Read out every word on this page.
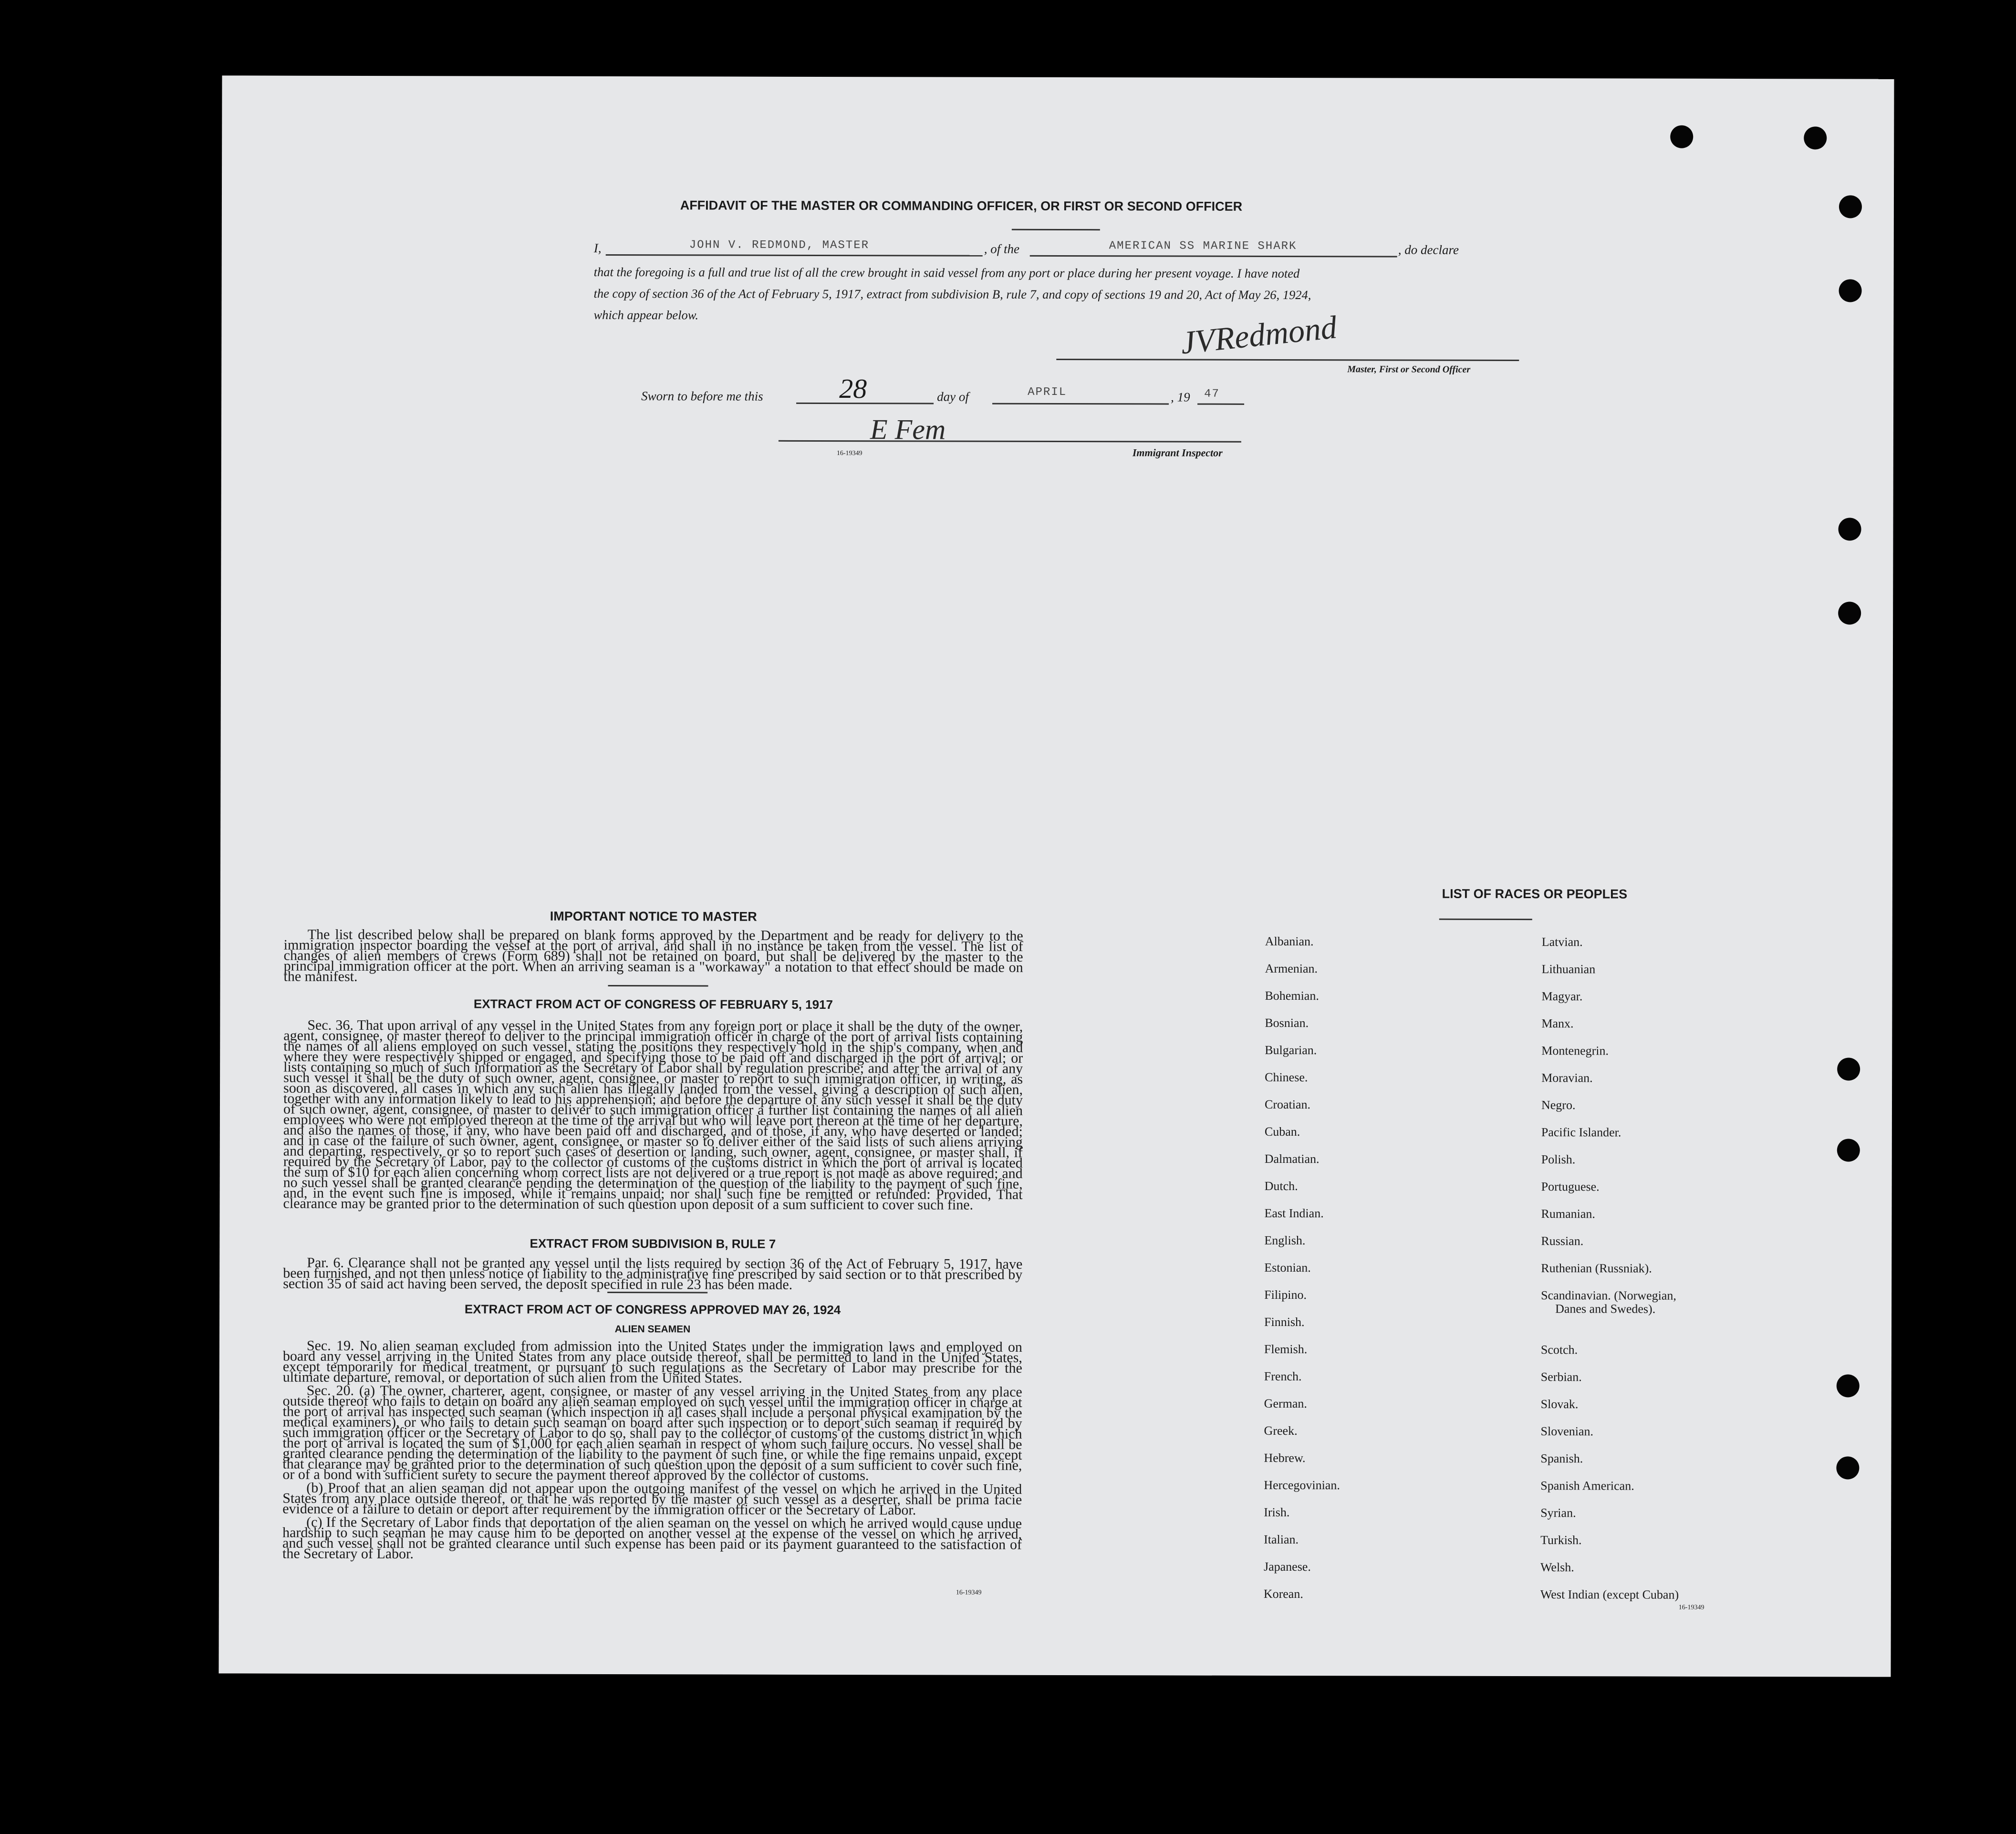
AFFIDAVIT OF THE MASTER OR COMMANDING OFFICER, OR FIRST OR SECOND OFFICER
I,	JOHN V. REDMOND, MASTER	, of the	AMERICAN SS MARINE SHARK	, do declare
that the foregoing is a full and true list of all the crew brought in said vessel from any port or place during her present voyage. I have noted
the copy of section 36 of the Act of February 5, 1917, extract from subdivision B, rule 7, and copy of sections 19 and 20, Act of May 26, 1924,
which appear below.	JVRedmond
Master, First or Second Officer
Sworn to before me this	28	day of	APRIL	, 19 47
E Fem
16-19349	Immigrant Inspector
IMPORTANT NOTICE TO MASTER

The list described below shall be prepared on blank forms approved by the Department and be ready for delivery to the immigration inspector boarding the vessel at the port of arrival, and shall in no instance be taken from the vessel. The list of changes of alien members of crews (Form 689) shall not be retained on board, but shall be delivered by the master to the principal immigration officer at the port. When an arriving seaman is a "workaway" a notation to that effect should be made on the manifest.

EXTRACT FROM ACT OF CONGRESS OF FEBRUARY 5, 1917

Sec. 36. That upon arrival of any vessel in the United States from any foreign port or place it shall be the duty of the owner, agent, consignee, or master thereof to deliver to the principal immigration officer in charge of the port of arrival lists containing the names of all aliens employed on such vessel, stating the positions they respectively hold in the ship's company, when and where they were respectively shipped or engaged, and specifying those to be paid off and discharged in the port of arrival; or lists containing so much of such information as the Secretary of Labor shall by regulation prescribe; and after the arrival of any such vessel it shall be the duty of such owner, agent, consignee, or master to report to such immigration officer, in writing, as soon as discovered, all cases in which any such alien has illegally landed from the vessel, giving a description of such alien, together with any information likely to lead to his apprehension; and before the departure of any such vessel it shall be the duty of such owner, agent, consignee, or master to deliver to such immigration officer a further list containing the names of all alien employees who were not employed thereon at the time of the arrival but who will leave port thereon at the time of her departure, and also the names of those, if any, who have been paid off and discharged, and of those, if any, who have deserted or landed; and in case of the failure of such owner, agent, consignee, or master so to deliver either of the said lists of such aliens arriving and departing, respectively, or so to report such cases of desertion or landing, such owner, agent, consignee, or master shall, if required by the Secretary of Labor, pay to the collector of customs of the customs district in which the port of arrival is located the sum of $10 for each alien concerning whom correct lists are not delivered or a true report is not made as above required; and no such vessel shall be granted clearance pending the determination of the question of the liability to the payment of such fine, and, in the event such fine is imposed, while it remains unpaid; nor shall such fine be remitted or refunded: Provided, That clearance may be granted prior to the determination of such question upon deposit of a sum sufficient to cover such fine.

EXTRACT FROM SUBDIVISION B, RULE 7

Par. 6. Clearance shall not be granted any vessel until the lists required by section 36 of the Act of February 5, 1917, have been furnished, and not then unless notice of liability to the administrative fine prescribed by said section or to that prescribed by section 35 of said act having been served, the deposit specified in rule 23 has been made.

EXTRACT FROM ACT OF CONGRESS APPROVED MAY 26, 1924
ALIEN SEAMEN

Sec. 19. No alien seaman excluded from admission into the United States under the immigration laws and employed on board any vessel arriving in the United States from any place outside thereof, shall be permitted to land in the United States, except temporarily for medical treatment, or pursuant to such regulations as the Secretary of Labor may prescribe for the ultimate departure, removal, or deportation of such alien from the United States.

Sec. 20. (a) The owner, charterer, agent, consignee, or master of any vessel arriving in the United States from any place outside thereof who fails to detain on board any alien seaman employed on such vessel until the immigration officer in charge at the port of arrival has inspected such seaman (which inspection in all cases shall include a personal physical examination by the medical examiners), or who fails to detain such seaman on board after such inspection or to deport such seaman if required by such immigration officer or the Secretary of Labor to do so, shall pay to the collector of customs of the customs district in which the port of arrival is located the sum of $1,000 for each alien seaman in respect of whom such failure occurs. No vessel shall be granted clearance pending the determination of the liability to the payment of such fine, or while the fine remains unpaid, except that clearance may be granted prior to the determination of such question upon the deposit of a sum sufficient to cover such fine, or of a bond with sufficient surety to secure the payment thereof approved by the collector of customs.

(b) Proof that an alien seaman did not appear upon the outgoing manifest of the vessel on which he arrived in the United States from any place outside thereof, or that he was reported by the master of such vessel as a deserter, shall be prima facie evidence of a failure to detain or deport after requirement by the immigration officer or the Secretary of Labor.

(c) If the Secretary of Labor finds that deportation of the alien seaman on the vessel on which he arrived would cause undue hardship to such seaman he may cause him to be deported on another vessel at the expense of the vessel on which he arrived, and such vessel shall not be granted clearance until such expense has been paid or its payment guaranteed to the satisfaction of the Secretary of Labor.

16-19349
LIST OF RACES OR PEOPLES
Albanian.
Armenian.
Bohemian.
Bosnian.
Bulgarian.
Chinese.
Croatian.
Cuban.
Dalmatian.
Dutch.
East Indian.
English.
Estonian.
Filipino.
Finnish.
Flemish.
French.
German.
Greek.
Hebrew.
Hercegovinian.
Irish.
Italian.
Japanese.
Korean.
Latvian.
Lithuanian
Magyar.
Manx.
Montenegrin.
Moravian.
Negro.
Pacific Islander.
Polish.
Portuguese.
Rumanian.
Russian.
Ruthenian (Russniak).
Scandinavian. (Norwegian,
Danes and Swedes).
Scotch.
Serbian.
Slovak.
Slovenian.
Spanish.
Spanish American.
Syrian.
Turkish.
Welsh.
West Indian (except Cuban)
16-19349
